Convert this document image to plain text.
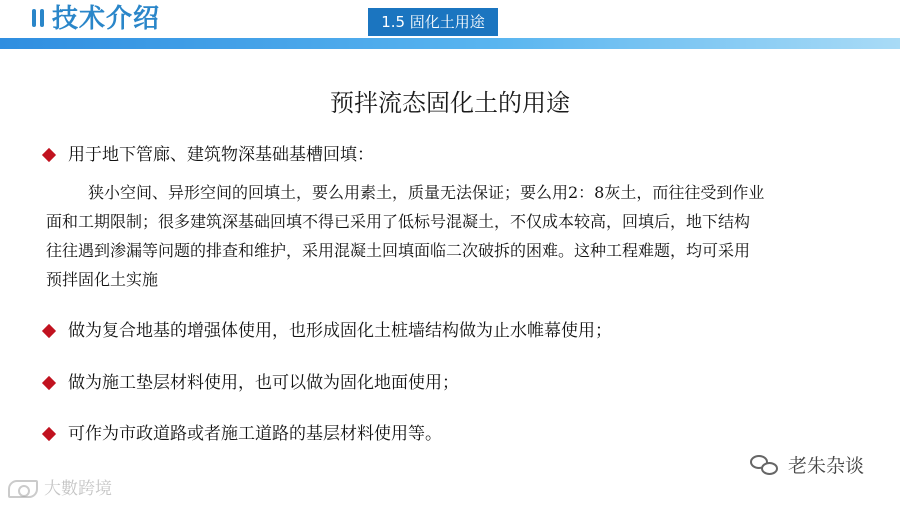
技术介绍	1.5 固化土用途
预拌流态固化土的用途
用于地下管廊、建筑物深基础基槽回填：
狭小空间、异形空间的回填土，要么用素土，质量无法保证；要么用2：8灰土，而往往受到作业
面和工期限制；很多建筑深基础回填不得已采用了低标号混凝土，不仅成本较高，回填后，地下结构
往往遇到渗漏等问题的排查和维护，采用混凝土回填面临二次破拆的困难。这种工程难题，均可采用
预拌固化土实施
做为复合地基的增强体使用，也形成固化土桩墙结构做为止水帷幕使用；
做为施工垫层材料使用，也可以做为固化地面使用；
可作为市政道路或者施工道路的基层材料使用等。
老朱杂谈
大數跨境
